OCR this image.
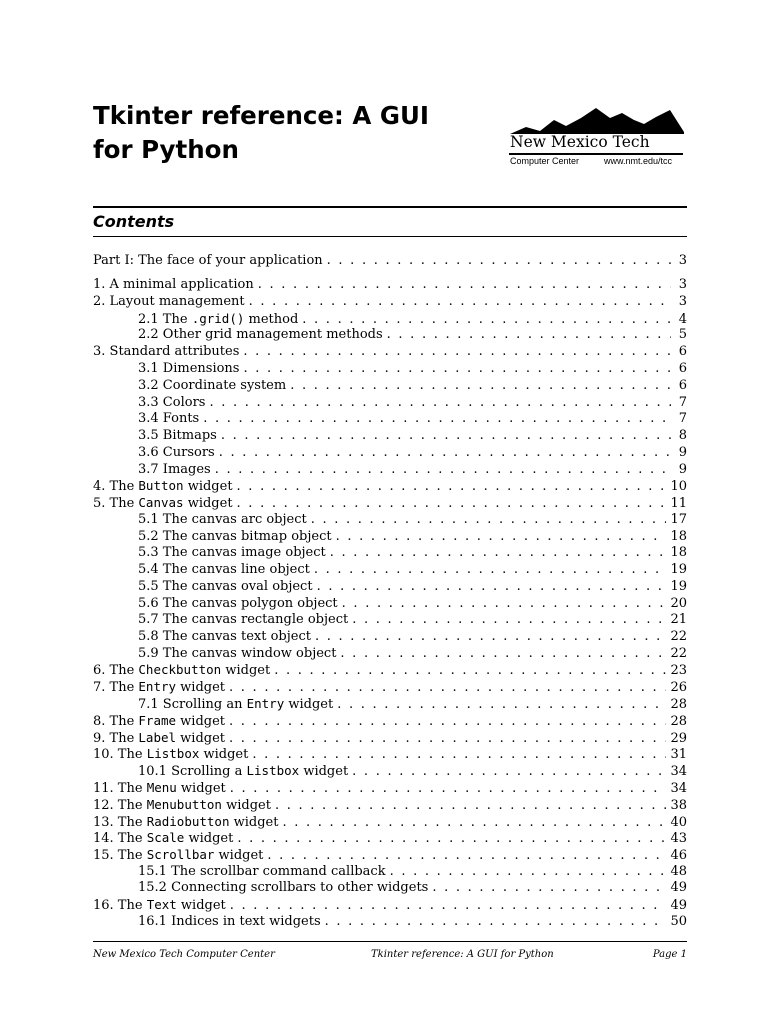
Tkinter reference: A GUI for Python	New Mexico Tech
Computer Center	www.nmt.edu/tcc
Contents
Part I: The face of your application . . .	3
1. A minimal application . . .	3
2. Layout management . . .	3
2.1 The .grid() method . . .	4
2.2 Other grid management methods . . .	5
3. Standard attributes . . .	6
3.1 Dimensions . . .	6
3.2 Coordinate system . . .	6
3.3 Colors . . .	7
3.4 Fonts . . .	7
3.5 Bitmaps . . .	8
3.6 Cursors . . .	9
3.7 Images . . .	9
4. The Button widget . . .	10
5. The Canvas widget . . .	11
5.1 The canvas arc object . . .	17
5.2 The canvas bitmap object . . .	18
5.3 The canvas image object . . .	18
5.4 The canvas line object . . .	19
5.5 The canvas oval object . . .	19
5.6 The canvas polygon object . . .	20
5.7 The canvas rectangle object . . .	21
5.8 The canvas text object . . .	22
5.9 The canvas window object . . .	22
6. The Checkbutton widget . . .	23
7. The Entry widget . . .	26
7.1 Scrolling an Entry widget . . .	28
8. The Frame widget . . .	28
9. The Label widget . . .	29
10. The Listbox widget . . .	31
10.1 Scrolling a Listbox widget . . .	34
11. The Menu widget . . .	34
12. The Menubutton widget . . .	38
13. The Radiobutton widget . . .	40
14. The Scale widget . . .	43
15. The Scrollbar widget . . .	46
15.1 The scrollbar command callback . . .	48
15.2 Connecting scrollbars to other widgets . . .	49
16. The Text widget . . .	49
16.1 Indices in text widgets . . .	50
New Mexico Tech Computer Center	Tkinter reference: A GUI for Python	Page 1
